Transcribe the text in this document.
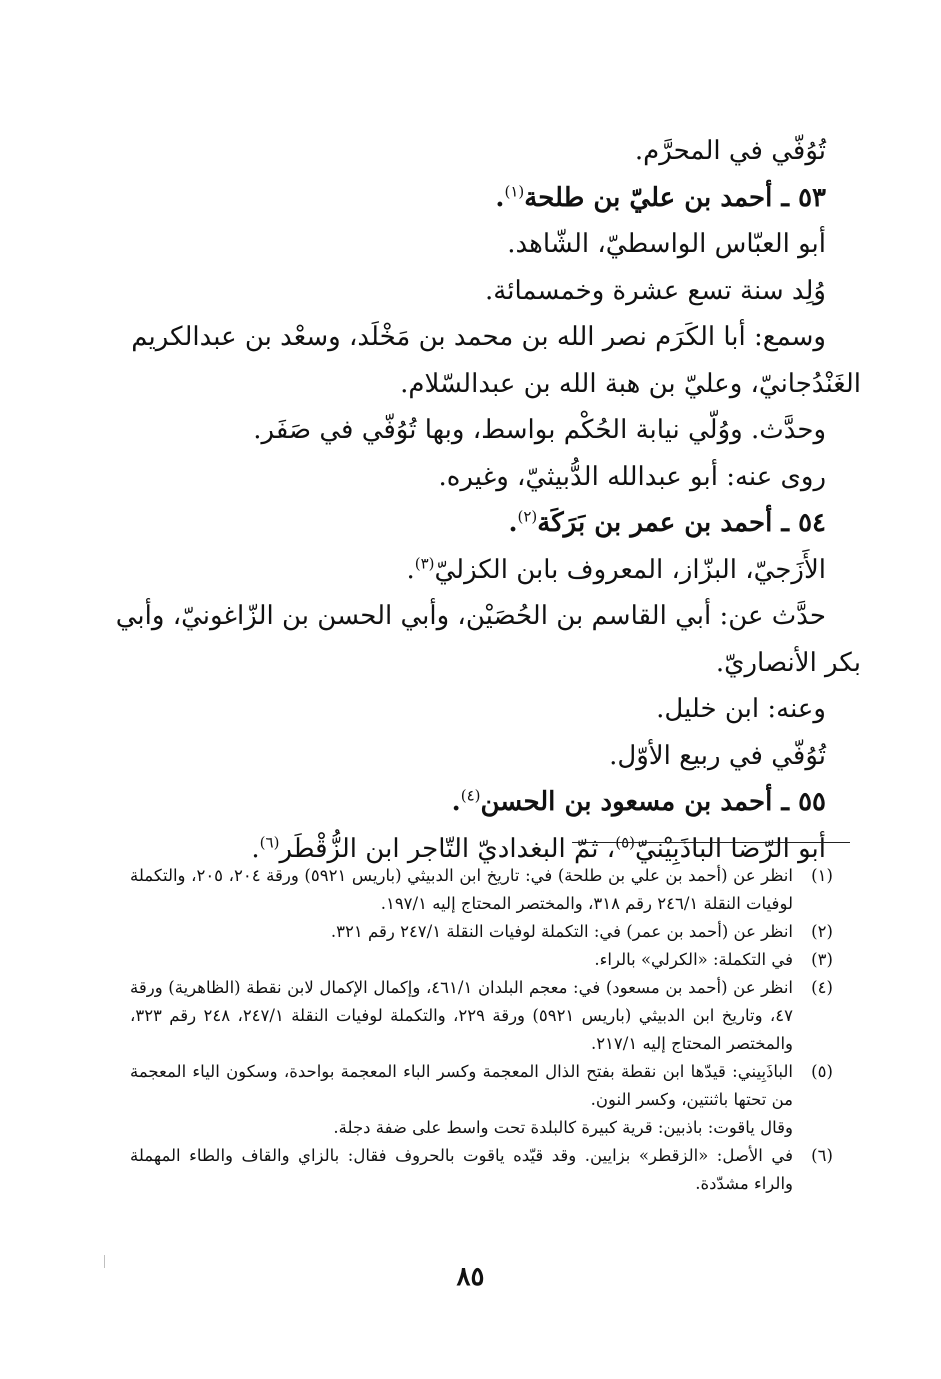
تُوُفّي في المحرَّم.
٥٣ ـ أحمد بن عليّ بن طلحة$^{(١)}$.
أبو العبّاس الواسطيّ، الشّاهد.
وُلِد سنة تسع عشرة وخمسمائة.
وسمع: أبا الكَرَم نصر الله بن محمد بن مَخْلَد، وسعْد بن عبدالكريم
الغَنْدُجانيّ، وعليّ بن هبة الله بن عبدالسّلام.
وحدَّث. ووُلّي نيابة الحُكْم بواسط، وبها تُوُفّي في صَفَر.
روى عنه: أبو عبدالله الدُّبيثيّ، وغيره.
٥٤ ـ أحمد بن عمر بن بَرَكَة$^{(٢)}$.
الأَزَجيّ، البزّاز، المعروف بابن الكزليّ$^{(٣)}$.
حدَّث عن: أبي القاسم بن الحُصَيْن، وأبي الحسن بن الزّاغونيّ، وأبي
بكر الأنصاريّ.
وعنه: ابن خليل.
تُوُفّي في ربيع الأوّل.
٥٥ ـ أحمد بن مسعود بن الحسن$^{(٤)}$.
أبو الرّضا الباذَبِيْنيّ$^{(٥)}$، ثمّ البغداديّ التّاجر ابن الزُّقْطَر$^{(٦)}$.
(١)
انظر عن (أحمد بن علي بن طلحة) في: تاريخ ابن الدبيثي (باريس ٥٩٢١) ورقة ٢٠٤، ٢٠٥، والتكملة لوفيات النقلة ٢٤٦/١ رقم ٣١٨، والمختصر المحتاج إليه ١٩٧/١.
(٢)
انظر عن (أحمد بن عمر) في: التكملة لوفيات النقلة ٢٤٧/١ رقم ٣٢١.
(٣)
في التكملة: «الكرلي» بالراء.
(٤)
انظر عن (أحمد بن مسعود) في: معجم البلدان ٤٦١/١، وإكمال الإكمال لابن نقطة (الظاهرية) ورقة ٤٧، وتاريخ ابن الدبيثي (باريس ٥٩٢١) ورقة ٢٢٩، والتكملة لوفيات النقلة ٢٤٧/١، ٢٤٨ رقم ٣٢٣، والمختصر المحتاج إليه ٢١٧/١.
(٥)
الباذَبِيني: قيدّها ابن نقطة بفتح الذال المعجمة وكسر الباء المعجمة بواحدة، وسكون الياء المعجمة من تحتها باثنتين، وكسر النون.
وقال ياقوت: باذبين: قرية كبيرة كالبلدة تحت واسط على ضفة دجلة.
(٦)
في الأصل: «الزقطر» بزايين. وقد قيّده ياقوت بالحروف فقال: بالزاي والقاف والطاء المهملة والراء مشدّدة.
٨٥
